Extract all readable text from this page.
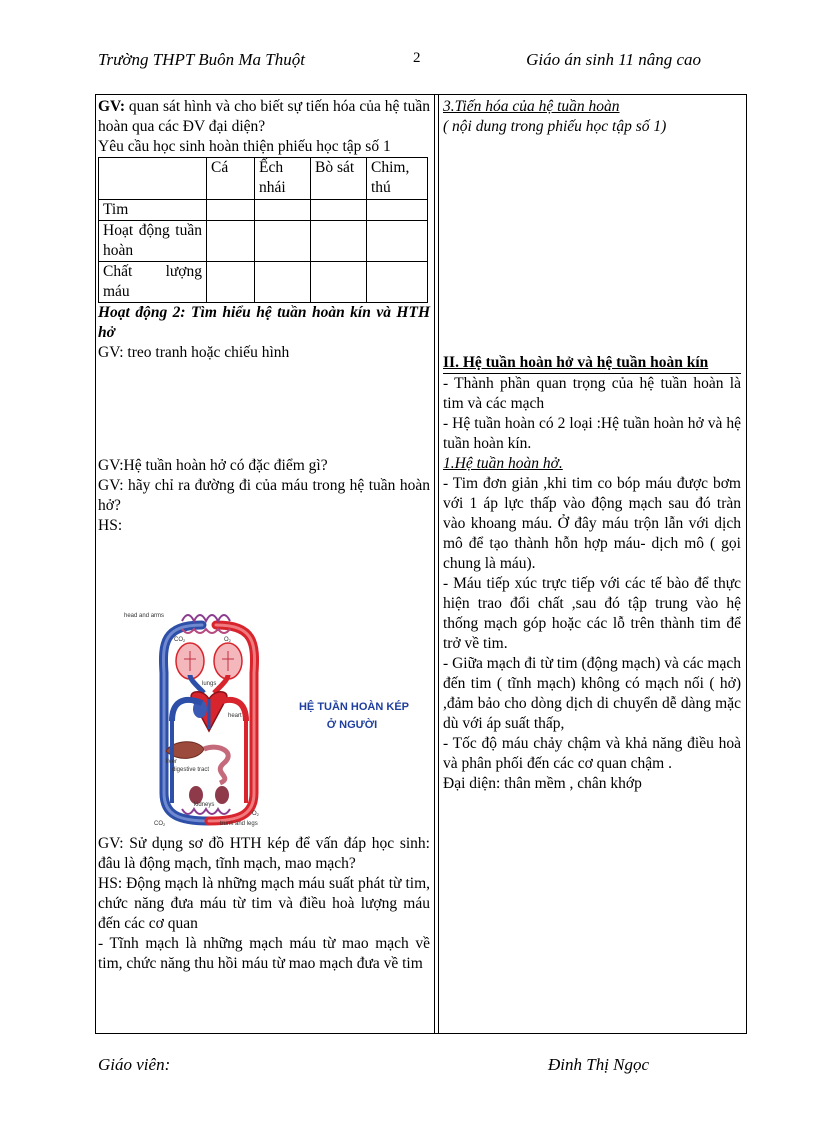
Trường THPT Buôn Ma Thuột	2	Giáo án sinh 11 nâng cao

GV: quan sát hình và cho biết sự tiến hóa của hệ tuần hoàn qua các ĐV đại diện?

Yêu cầu học sinh hoàn thiện phiếu học tập số 1

	Cá	Ếch nhái	Bò sát	Chim, thú
Tim				
Hoạt động tuần hoàn				
Chất lượng máu				

Hoạt động 2: Tìm hiểu hệ tuần hoàn kín và HTH hở

GV: treo tranh hoặc chiếu hình

GV:Hệ tuần hoàn hở có đặc điểm gì?

GV: hãy chỉ ra đường đi của máu trong hệ tuần hoàn hở?

HS:

GV: Sử dụng sơ đồ HTH kép để vấn đáp học sinh: đâu là động mạch, tĩnh mạch, mao mạch?

HS: Động mạch là những mạch máu suất phát từ tim, chức năng đưa máu từ tim và điều hoà lượng máu đến các cơ quan

- Tĩnh mạch là những mạch máu từ mao mạch về tim, chức năng thu hồi máu từ mao mạch đưa về tim

head and arms
CO2	O2
lungs
heart
liver
digestive tract
kidneys
CO2
O2
trunk and legs
HỆ TUẦN HOÀN KÉP
Ở NGƯỜI

3.Tiến hóa của hệ tuần hoàn

( nội dung trong phiếu học tập số 1)

II. Hệ tuần hoàn hở và hệ tuần hoàn kín

- Thành phần quan trọng của hệ tuần hoàn là tim và các mạch

- Hệ tuần hoàn có 2 loại :Hệ tuần hoàn hở và hệ tuần hoàn kín.

1.Hệ tuần hoàn hở.

- Tim đơn giản ,khi tim co bóp máu được bơm với 1 áp lực thấp vào động mạch sau đó tràn vào khoang máu. Ở đây máu trộn lẫn với dịch mô để tạo thành hỗn hợp máu- dịch mô ( gọi chung là máu).

- Máu tiếp xúc trực tiếp với các tế bào để thực hiện trao đổi chất ,sau đó tập trung vào hệ thống mạch góp hoặc các lỗ trên thành tim để trở về tim.

- Giữa mạch đi từ tim (động mạch) và các mạch đến tim ( tĩnh mạch) không có mạch nối ( hở) ,đảm bảo cho dòng dịch di chuyển dễ dàng mặc dù với áp suất thấp,

- Tốc độ máu chảy chậm và khả năng điều hoà và phân phối đến các cơ quan chậm .

Đại diện: thân mềm , chân khớp

Giáo viên:	Đinh Thị Ngọc
